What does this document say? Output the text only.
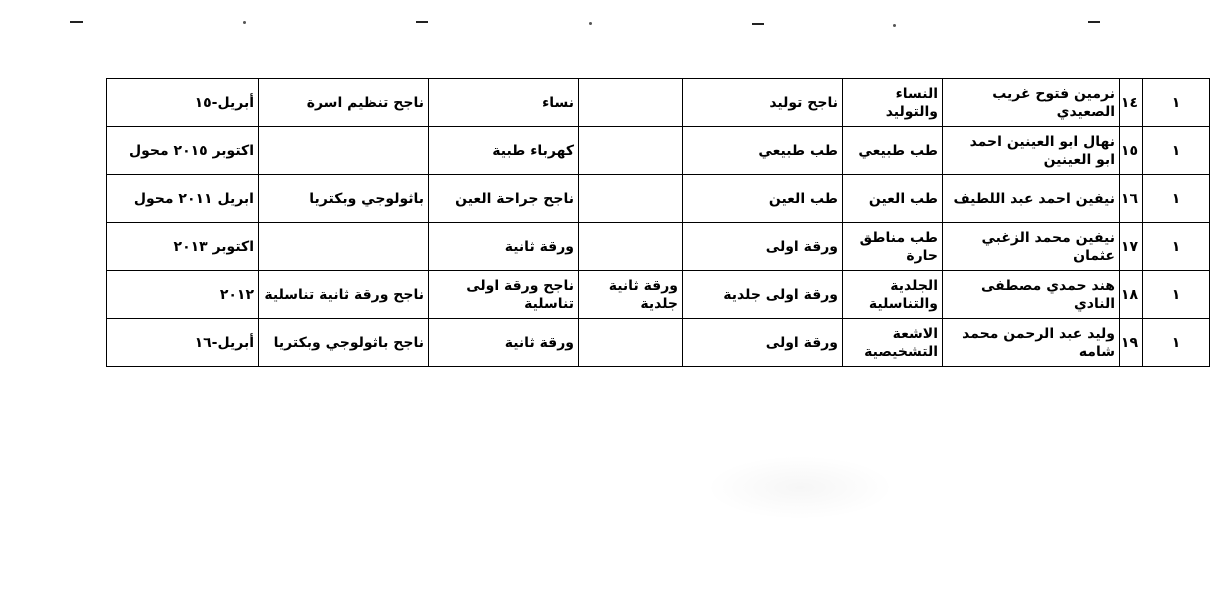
١	١٤	نرمين فتوح غريب الصعيدي	النساء والتوليد	ناجح توليد		نساء	ناجح تنظيم اسرة	أبريل-١٥
١	١٥	نهال ابو العينين احمد ابو العينين	طب طبيعي	طب طبيعي		كهرباء طبية		اكتوبر ٢٠١٥ محول
١	١٦	نيفين احمد عبد اللطيف	طب العين	طب العين		ناجح جراحة العين	باثولوجي وبكتريا	ابريل ٢٠١١ محول
١	١٧	نيفين محمد الزغبي عثمان	طب مناطق حارة	ورقة اولى		ورقة ثانية		اكتوبر ٢٠١٣
١	١٨	هند حمدي مصطفى النادي	الجلدية والتناسلية	ورقة اولى جلدية	ورقة ثانية جلدية	ناجح ورقة اولى تناسلية	ناجح ورقة ثانية تناسلية	٢٠١٢
١	١٩	وليد عبد الرحمن محمد شامه	الاشعة التشخيصية	ورقة اولى		ورقة ثانية	ناجح باثولوجي وبكتريا	أبريل-١٦
